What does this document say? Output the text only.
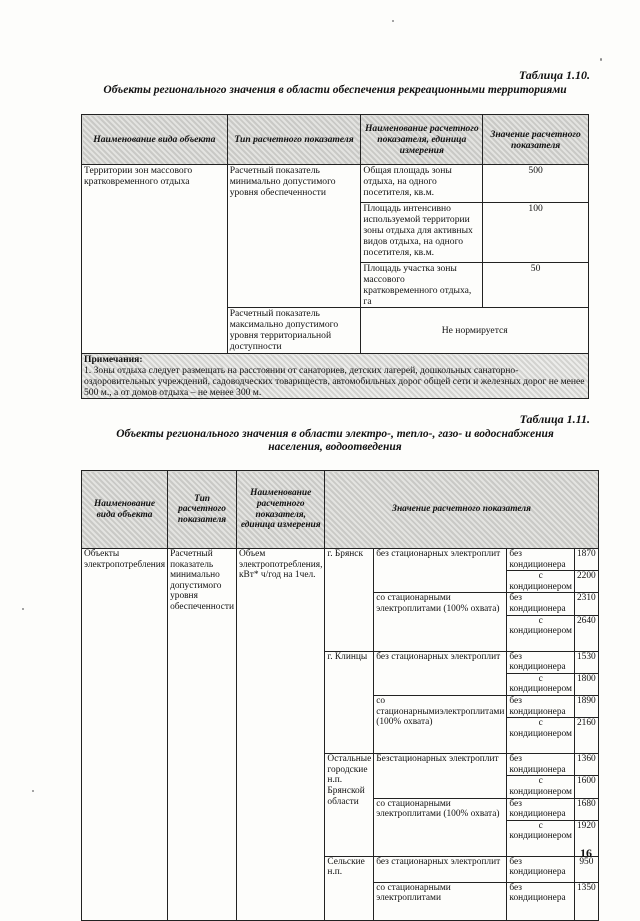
Таблица 1.10.
Объекты регионального значения в области обеспечения рекреационными территориями
Наименование вида объекта	Тип расчетного показателя	Наименование расчетного показателя, единица измерения	Значение расчетного показателя
Территории зон массового кратковременного отдыха	Расчетный показатель минимально допустимого уровня обеспеченности	Общая площадь зоны отдыха, на одного посетителя, кв.м.	500
		Площадь интенсивно используемой территории зоны отдыха для активных видов отдыха, на одного посетителя, кв.м.	100
		Площадь участка зоны массового кратковременного отдыха, га	50
	Расчетный показатель максимально допустимого уровня территориальной доступности	Не нормируется	

Примечания:
1. Зоны отдыха следует размещать на расстоянии от санаториев, детских лагерей, дошкольных санаторно-оздоровительных учреждений, садоводческих товариществ, автомобильных дорог общей сети и железных дорог не менее 500 м., а от домов отдыха – не менее 300 м.			
Таблица 1.11.
Объекты регионального значения в области электро-, тепло-, газо- и водоснабжения
населения, водоотведения
Наименование вида объекта	Тип расчетного показателя	Наименование расчетного показателя, единица измерения	Значение расчетного показателя			
Объекты электропотребления	Расчетный показатель минимально допустимого уровня обеспеченности	Объем электропотребления, кВт* ч/год на 1чел.	г. Брянск	без стационарных электроплит	без кондиционера	1870
					с кондиционером	2200
				со стационарными электроплитами (100% охвата)	без кондиционера	2310
					с кондиционером	2640
			г. Клинцы	без стационарных электроплит	без кондиционера	1530
					с кондиционером	1800
				со стационарнымиэлектроплитами (100% охвата)	без кондиционера	1890
					с кондиционером	2160
			Остальные городские н.п. Брянской области	Безстационарных электроплит	без кондиционера	1360
					с кондиционером	1600
				со стационарными электроплитами (100% охвата)	без кондиционера	1680
					с кондиционером	1920
			Сельские н.п.	без стационарных электроплит	без кондиционера	950
				со стационарными электроплитами	без кондиционера	1350
16
